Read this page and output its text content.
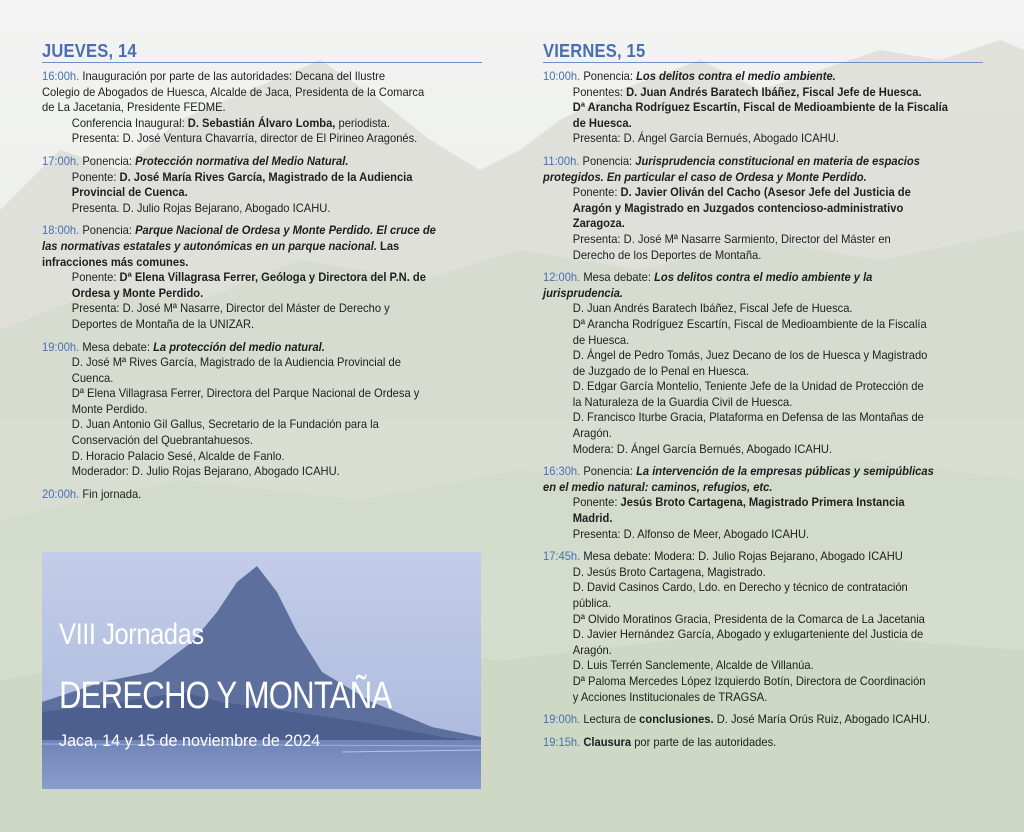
JUEVES, 14
16:00h. Inauguración por parte de las autoridades: Decana del Ilustre
Colegio de Abogados de Huesca, Alcalde de Jaca, Presidenta de la Comarca
de La Jacetania, Presidente FEDME.
Conferencia Inaugural: D. Sebastián Álvaro Lomba, periodista.
Presenta: D. José Ventura Chavarría, director de El Pirineo Aragonés.
17:00h. Ponencia: Protección normativa del Medio Natural.
Ponente: D. José María Rives García, Magistrado de la Audiencia
Provincial de Cuenca.
Presenta. D. Julio Rojas Bejarano, Abogado ICAHU.
18:00h. Ponencia: Parque Nacional de Ordesa y Monte Perdido. El cruce de
las normativas estatales y autonómicas en un parque nacional. Las
infracciones más comunes.
Ponente: Dª Elena Villagrasa Ferrer, Geóloga y Directora del P.N. de
Ordesa y Monte Perdido.
Presenta: D. José Mª Nasarre, Director del Máster de Derecho y
Deportes de Montaña de la UNIZAR.
19:00h. Mesa debate: La protección del medio natural.
D. José Mª Rives García, Magistrado de la Audiencia Provincial de
Cuenca.
Dª Elena Villagrasa Ferrer, Directora del Parque Nacional de Ordesa y
Monte Perdido.
D. Juan Antonio Gil Gallus, Secretario de la Fundación para la
Conservación del Quebrantahuesos.
D. Horacio Palacio Sesé, Alcalde de Fanlo.
Moderador: D. Julio Rojas Bejarano, Abogado ICAHU.
20:00h. Fin jornada.
VIERNES, 15
10:00h. Ponencia: Los delitos contra el medio ambiente.
Ponentes: D. Juan Andrés Baratech Ibáñez, Fiscal Jefe de Huesca.
Dª Arancha Rodríguez Escartín, Fiscal de Medioambiente de la Fiscalía
de Huesca.
Presenta: D. Ángel García Bernués, Abogado ICAHU.
11:00h. Ponencia: Jurisprudencia constitucional en materia de espacios
protegidos. En particular el caso de Ordesa y Monte Perdido.
Ponente: D. Javier Oliván del Cacho (Asesor Jefe del Justicia de
Aragón y Magistrado en Juzgados contencioso-administrativo
Zaragoza.
Presenta: D. José Mª Nasarre Sarmiento, Director del Máster en
Derecho de los Deportes de Montaña.
12:00h. Mesa debate: Los delitos contra el medio ambiente y la
jurisprudencia.
D. Juan Andrés Baratech Ibáñez, Fiscal Jefe de Huesca.
Dª Arancha Rodríguez Escartín, Fiscal de Medioambiente de la Fiscalía
de Huesca.
D. Ángel de Pedro Tomás, Juez Decano de los de Huesca y Magistrado
de Juzgado de lo Penal en Huesca.
D. Edgar García Montelio, Teniente Jefe de la Unidad de Protección de
la Naturaleza de la Guardia Civil de Huesca.
D. Francisco Iturbe Gracia, Plataforma en Defensa de las Montañas de
Aragón.
Modera: D. Ángel García Bernués, Abogado ICAHU.
16:30h. Ponencia: La intervención de la empresas públicas y semipúblicas
en el medio natural: caminos, refugios, etc.
Ponente: Jesús Broto Cartagena, Magistrado Primera Instancia
Madrid.
Presenta: D. Alfonso de Meer, Abogado ICAHU.
17:45h. Mesa debate: Modera: D. Julio Rojas Bejarano, Abogado ICAHU
D. Jesús Broto Cartagena, Magistrado.
D. David Casinos Cardo, Ldo. en Derecho y técnico de contratación
pública.
Dª Olvido Moratinos Gracia, Presidenta de la Comarca de La Jacetania
D. Javier Hernández García, Abogado y exlugarteniente del Justicia de
Aragón.
D. Luis Terrén Sanclemente, Alcalde de Villanúa.
Dª Paloma Mercedes López Izquierdo Botín, Directora de Coordinación
y Acciones Institucionales de TRAGSA.
19:00h. Lectura de conclusiones. D. José María Orús Ruiz, Abogado ICAHU.
19:15h. Clausura por parte de las autoridades.
VIII Jornadas
DERECHO Y MONTAÑA
Jaca, 14 y 15 de noviembre de 2024
